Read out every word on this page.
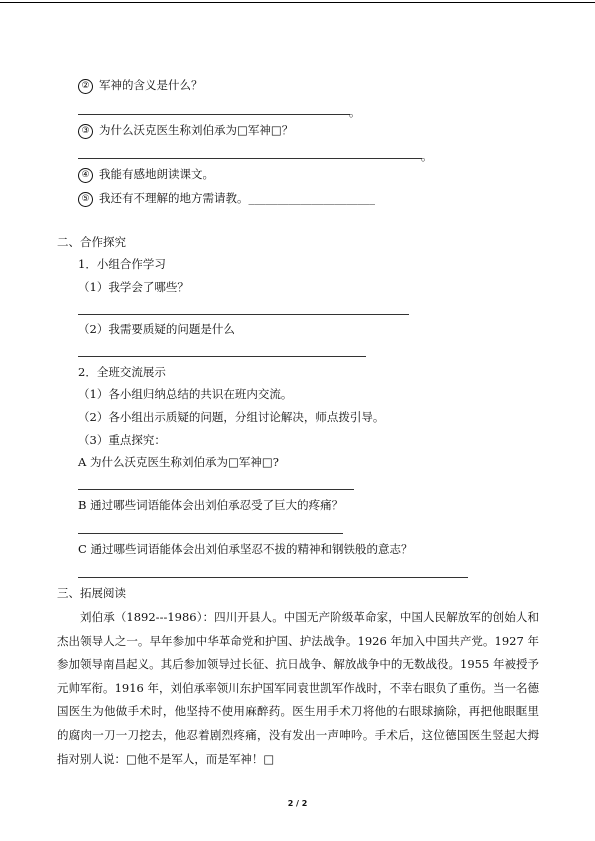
② 军神的含义是什么？
。
③ 为什么沃克医生称刘伯承为□军神□？
。
④ 我能有感地朗读课文。
⑤ 我还有不理解的地方需请教。______________________
二、合作探究
1．小组合作学习
（1）我学会了哪些？
（2）我需要质疑的问题是什么
2．全班交流展示
（1）各小组归纳总结的共识在班内交流。
（2）各小组出示质疑的问题，分组讨论解决，师点拨引导。
（3）重点探究：
A 为什么沃克医生称刘伯承为□军神□?
B 通过哪些词语能体会出刘伯承忍受了巨大的疼痛？
C 通过哪些词语能体会出刘伯承坚忍不拔的精神和钢铁般的意志？
三、拓展阅读
刘伯承（1892---1986）：四川开县人。中国无产阶级革命家，中国人民解放军的创始人和杰出领导人之一。早年参加中华革命党和护国、护法战争。1926 年加入中国共产党。1927 年参加领导南昌起义。其后参加领导过长征、抗日战争、解放战争中的无数战役。1955 年被授予元帅军衔。1916 年，刘伯承率领川东护国军同袁世凯军作战时，不幸右眼负了重伤。当一名德国医生为他做手术时，他坚持不使用麻醉药。医生用手术刀将他的右眼球摘除，再把他眼眶里的腐肉一刀一刀挖去，他忍着剧烈疼痛，没有发出一声呻吟。手术后，这位德国医生竖起大拇指对别人说：□他不是军人，而是军神！□
2 / 2
